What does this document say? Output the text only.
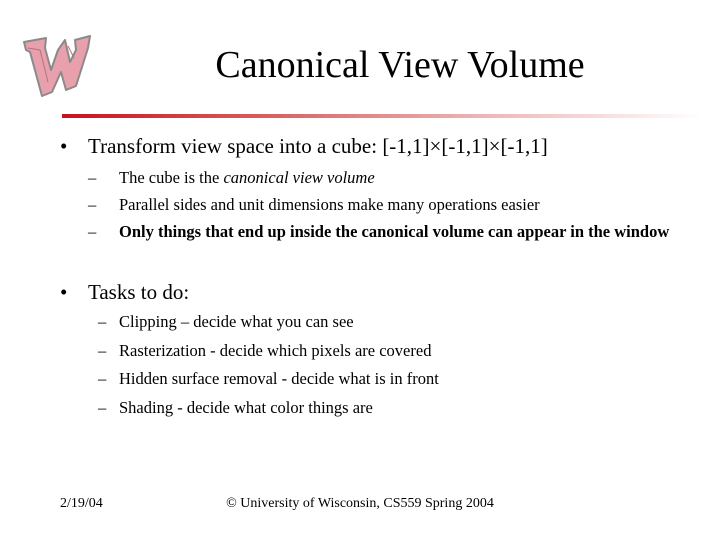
Canonical View Volume
• Transform view space into a cube: [-1,1]×[-1,1]×[-1,1]
–	The cube is the canonical view volume
–	Parallel sides and unit dimensions make many operations easier
–	Only things that end up inside the canonical volume can appear in the window
• Tasks to do:
– Clipping – decide what you can see
– Rasterization - decide which pixels are covered
– Hidden surface removal - decide what is in front
– Shading - decide what color things are
2/19/04	© University of Wisconsin, CS559 Spring 2004
